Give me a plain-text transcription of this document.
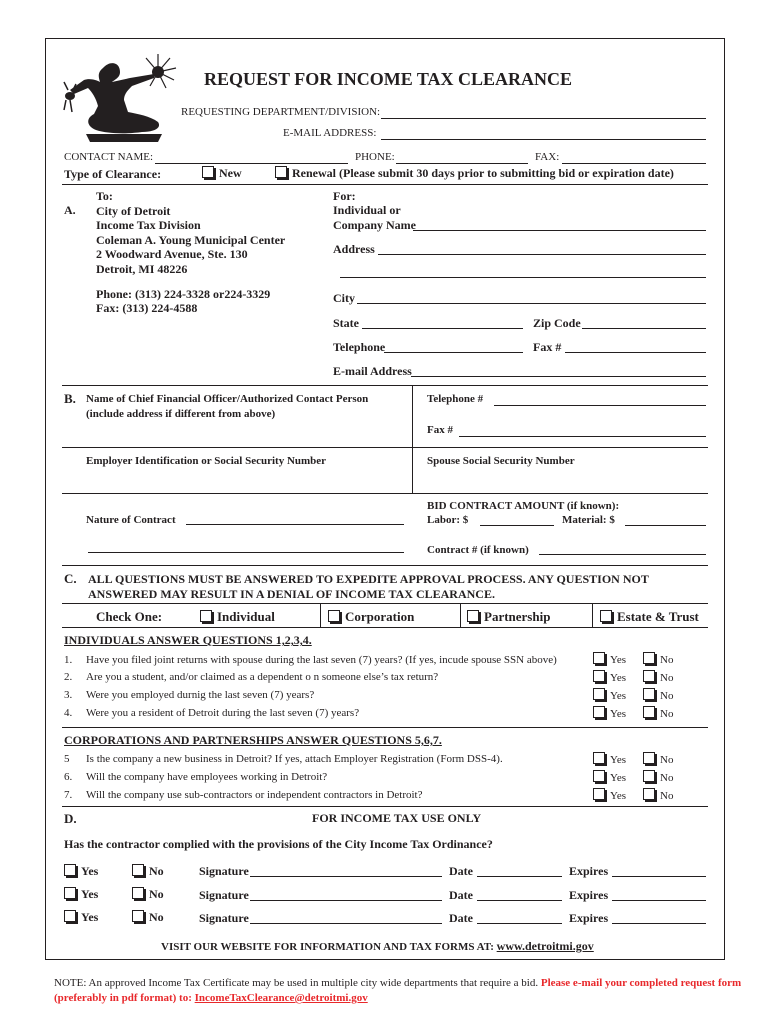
REQUEST FOR INCOME TAX CLEARANCE
REQUESTING DEPARTMENT/DIVISION:
E-MAIL ADDRESS:
CONTACT NAME:	PHONE:	FAX:
Type of Clearance:	New	Renewal (Please submit 30 days prior to submitting bid or expiration date)
A.
To:
City of Detroit
Income Tax Division
Coleman A. Young Municipal Center
2 Woodward Avenue, Ste. 130
Detroit, MI 48226
Phone: (313) 224-3328 or224-3329
Fax: (313) 224-4588
For:
Individual or
Company Name
Address
City
State	Zip Code
Telephone	Fax #
E-mail Address
B. Name of Chief Financial Officer/Authorized Contact Person
(include address if different from above)
Telephone #
Fax #
Employer Identification or Social Security Number	Spouse Social Security Number
BID CONTRACT AMOUNT (if known):
Labor: $	Material: $
Nature of Contract
Contract # (if known)
C. ALL QUESTIONS MUST BE ANSWERED TO EXPEDITE APPROVAL PROCESS. ANY QUESTION NOT
ANSWERED MAY RESULT IN A DENIAL OF INCOME TAX CLEARANCE.
Check One:	Individual	Corporation	Partnership	Estate & Trust
INDIVIDUALS ANSWER QUESTIONS 1,2,3,4.
1. Have you filed joint returns with spouse during the last seven (7) years? (If yes, incude spouse SSN above)	Yes	No
2. Are you a student, and/or claimed as a dependent o n someone else’s tax return?	Yes	No
3. Were you employed durnig the last seven (7) years?	Yes	No
4. Were you a resident of Detroit during the last seven (7) years?	Yes	No
CORPORATIONS AND PARTNERSHIPS ANSWER QUESTIONS 5,6,7.
5 Is the company a new business in Detroit? If yes, attach Employer Registration (Form DSS-4).	Yes	No
6. Will the company have employees working in Detroit?	Yes	No
7. Will the company use sub-contractors or independent contractors in Detroit?	Yes	No
D.	FOR INCOME TAX USE ONLY
Has the contractor complied with the provisions of the City Income Tax Ordinance?
Yes	No	Signature	Date	Expires
Yes	No	Signature	Date	Expires
Yes	No	Signature	Date	Expires
VISIT OUR WEBSITE FOR INFORMATION AND TAX FORMS AT: www.detroitmi.gov
NOTE: An approved Income Tax Certificate may be used in multiple city wide departments that require a bid. Please e-mail your completed request form (preferably in pdf format) to: IncomeTaxClearance@detroitmi.gov
